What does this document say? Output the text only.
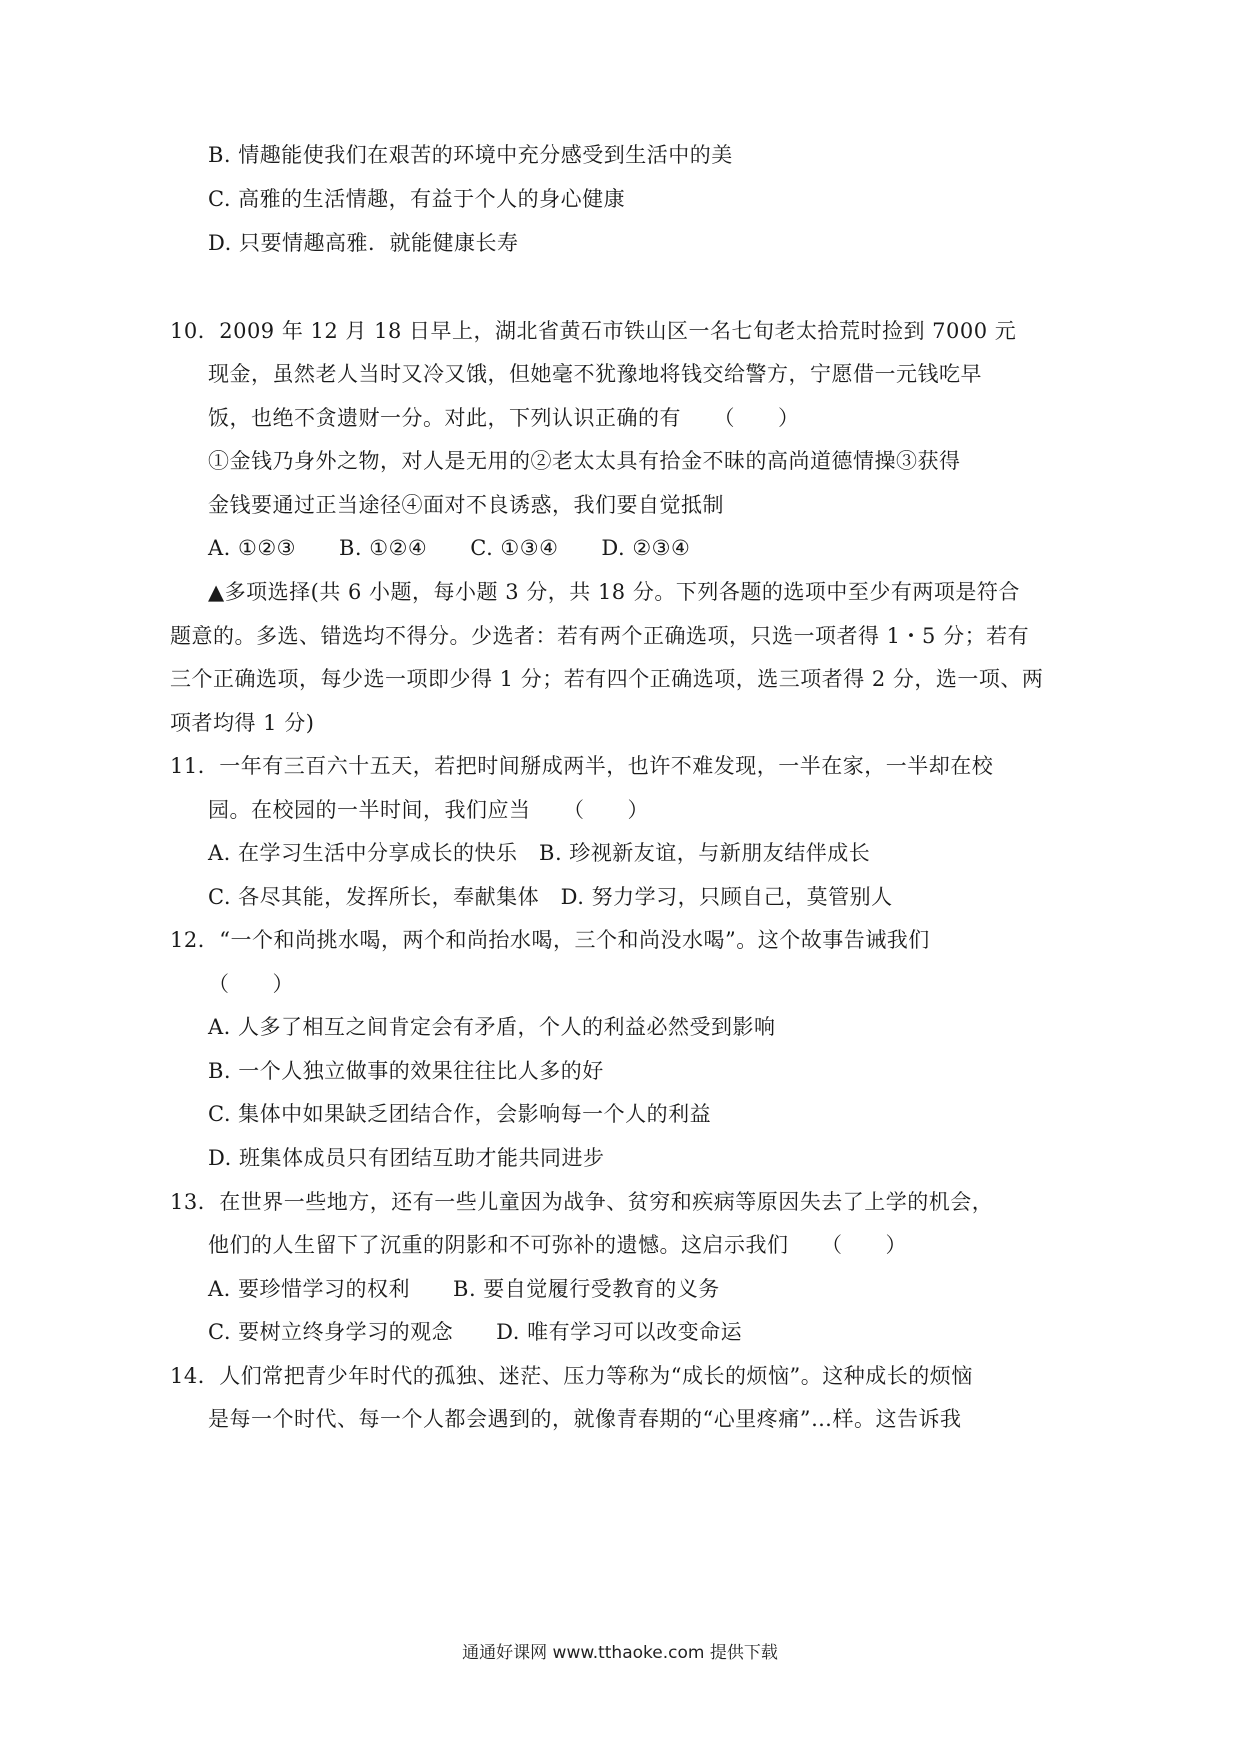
B. 情趣能使我们在艰苦的环境中充分感受到生活中的美
C. 高雅的生活情趣，有益于个人的身心健康
D. 只要情趣高雅．就能健康长寿
10．2009 年 12 月 18 日早上，湖北省黄石市铁山区一名七旬老太拾荒时捡到 7000 元
现金，虽然老人当时又冷又饿，但她毫不犹豫地将钱交给警方，宁愿借一元钱吃早
饭，也绝不贪遗财一分。对此，下列认识正确的有　　（　　）
①金钱乃身外之物，对人是无用的②老太太具有拾金不昧的高尚道德情操③获得
金钱要通过正当途径④面对不良诱惑，我们要自觉抵制
A. ①②③　　B. ①②④　　C. ①③④　　D. ②③④
▲多项选择(共 6 小题，每小题 3 分，共 18 分。下列各题的选项中至少有两项是符合
题意的。多选、错选均不得分。少选者：若有两个正确选项，只选一项者得 1・5 分；若有
三个正确选项，每少选一项即少得 1 分；若有四个正确选项，选三项者得 2 分，选一项、两
项者均得 1 分)
11．一年有三百六十五天，若把时间掰成两半，也许不难发现，一半在家，一半却在校
园。在校园的一半时间，我们应当　　（　　）
A. 在学习生活中分享成长的快乐　B. 珍视新友谊，与新朋友结伴成长
C. 各尽其能，发挥所长，奉献集体　D. 努力学习，只顾自己，莫管别人
12．“一个和尚挑水喝，两个和尚抬水喝，三个和尚没水喝”。这个故事告诫我们
（　　）
A. 人多了相互之间肯定会有矛盾，个人的利益必然受到影响
B. 一个人独立做事的效果往往比人多的好
C. 集体中如果缺乏团结合作，会影响每一个人的利益
D. 班集体成员只有团结互助才能共同进步
13．在世界一些地方，还有一些儿童因为战争、贫穷和疾病等原因失去了上学的机会，
他们的人生留下了沉重的阴影和不可弥补的遗憾。这启示我们　　（　　）
A. 要珍惜学习的权利　　B. 要自觉履行受教育的义务
C. 要树立终身学习的观念　　D. 唯有学习可以改变命运
14．人们常把青少年时代的孤独、迷茫、压力等称为“成长的烦恼”。这种成长的烦恼
是每一个时代、每一个人都会遇到的，就像青春期的“心里疼痛”…样。这告诉我
通通好课网 www.tthaoke.com 提供下载
